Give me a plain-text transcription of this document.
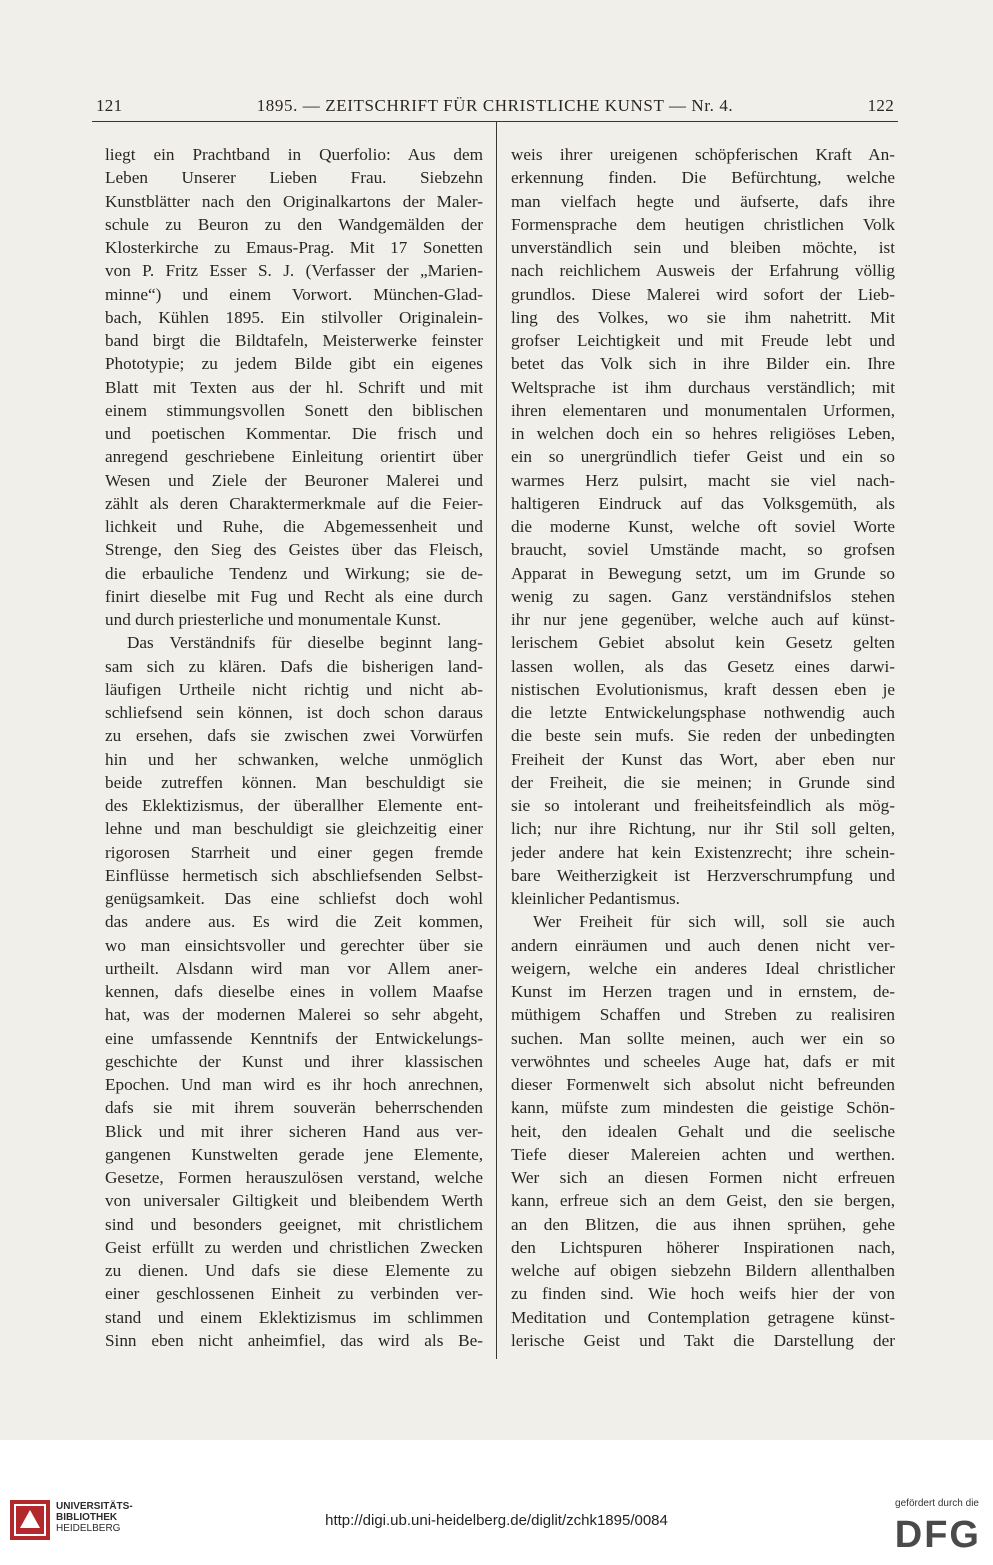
121	1895. — ZEITSCHRIFT FÜR CHRISTLICHE KUNST — Nr. 4.	122
liegt ein Prachtband in Querfolio: Aus dem
Leben Unserer Lieben Frau. Siebzehn
Kunstblätter nach den Originalkartons der Maler-
schule zu Beuron zu den Wandgemälden der
Klosterkirche zu Emaus-Prag. Mit 17 Sonetten
von P. Fritz Esser S. J. (Verfasser der „Marien-
minne“) und einem Vorwort. München-Glad-
bach, Kühlen 1895. Ein stilvoller Originalein-
band birgt die Bildtafeln, Meisterwerke feinster
Phototypie; zu jedem Bilde gibt ein eigenes
Blatt mit Texten aus der hl. Schrift und mit
einem stimmungsvollen Sonett den biblischen
und poetischen Kommentar. Die frisch und
anregend geschriebene Einleitung orientirt über
Wesen und Ziele der Beuroner Malerei und
zählt als deren Charaktermerkmale auf die Feier-
lichkeit und Ruhe, die Abgemessenheit und
Strenge, den Sieg des Geistes über das Fleisch,
die erbauliche Tendenz und Wirkung; sie de-
finirt dieselbe mit Fug und Recht als eine durch
und durch priesterliche und monumentale Kunst.
Das Verständnifs für dieselbe beginnt lang-
sam sich zu klären. Dafs die bisherigen land-
läufigen Urtheile nicht richtig und nicht ab-
schliefsend sein können, ist doch schon daraus
zu ersehen, dafs sie zwischen zwei Vorwürfen
hin und her schwanken, welche unmöglich
beide zutreffen können. Man beschuldigt sie
des Eklektizismus, der überallher Elemente ent-
lehne und man beschuldigt sie gleichzeitig einer
rigorosen Starrheit und einer gegen fremde
Einflüsse hermetisch sich abschliefsenden Selbst-
genügsamkeit. Das eine schliefst doch wohl
das andere aus. Es wird die Zeit kommen,
wo man einsichtsvoller und gerechter über sie
urtheilt. Alsdann wird man vor Allem aner-
kennen, dafs dieselbe eines in vollem Maafse
hat, was der modernen Malerei so sehr abgeht,
eine umfassende Kenntnifs der Entwickelungs-
geschichte der Kunst und ihrer klassischen
Epochen. Und man wird es ihr hoch anrechnen,
dafs sie mit ihrem souverän beherrschenden
Blick und mit ihrer sicheren Hand aus ver-
gangenen Kunstwelten gerade jene Elemente,
Gesetze, Formen herauszulösen verstand, welche
von universaler Giltigkeit und bleibendem Werth
sind und besonders geeignet, mit christlichem
Geist erfüllt zu werden und christlichen Zwecken
zu dienen. Und dafs sie diese Elemente zu
einer geschlossenen Einheit zu verbinden ver-
stand und einem Eklektizismus im schlimmen
Sinn eben nicht anheimfiel, das wird als Be-
weis ihrer ureigenen schöpferischen Kraft An-
erkennung finden. Die Befürchtung, welche
man vielfach hegte und äufserte, dafs ihre
Formensprache dem heutigen christlichen Volk
unverständlich sein und bleiben möchte, ist
nach reichlichem Ausweis der Erfahrung völlig
grundlos. Diese Malerei wird sofort der Lieb-
ling des Volkes, wo sie ihm nahetritt. Mit
grofser Leichtigkeit und mit Freude lebt und
betet das Volk sich in ihre Bilder ein. Ihre
Weltsprache ist ihm durchaus verständlich; mit
ihren elementaren und monumentalen Urformen,
in welchen doch ein so hehres religiöses Leben,
ein so unergründlich tiefer Geist und ein so
warmes Herz pulsirt, macht sie viel nach-
haltigeren Eindruck auf das Volksgemüth, als
die moderne Kunst, welche oft soviel Worte
braucht, soviel Umstände macht, so grofsen
Apparat in Bewegung setzt, um im Grunde so
wenig zu sagen. Ganz verständnifslos stehen
ihr nur jene gegenüber, welche auch auf künst-
lerischem Gebiet absolut kein Gesetz gelten
lassen wollen, als das Gesetz eines darwi-
nistischen Evolutionismus, kraft dessen eben je
die letzte Entwickelungsphase nothwendig auch
die beste sein mufs. Sie reden der unbedingten
Freiheit der Kunst das Wort, aber eben nur
der Freiheit, die sie meinen; in Grunde sind
sie so intolerant und freiheitsfeindlich als mög-
lich; nur ihre Richtung, nur ihr Stil soll gelten,
jeder andere hat kein Existenzrecht; ihre schein-
bare Weitherzigkeit ist Herzverschrumpfung und
kleinlicher Pedantismus.
Wer Freiheit für sich will, soll sie auch
andern einräumen und auch denen nicht ver-
weigern, welche ein anderes Ideal christlicher
Kunst im Herzen tragen und in ernstem, de-
müthigem Schaffen und Streben zu realisiren
suchen. Man sollte meinen, auch wer ein so
verwöhntes und scheeles Auge hat, dafs er mit
dieser Formenwelt sich absolut nicht befreunden
kann, müfste zum mindesten die geistige Schön-
heit, den idealen Gehalt und die seelische
Tiefe dieser Malereien achten und werthen.
Wer sich an diesen Formen nicht erfreuen
kann, erfreue sich an dem Geist, den sie bergen,
an den Blitzen, die aus ihnen sprühen, gehe
den Lichtspuren höherer Inspirationen nach,
welche auf obigen siebzehn Bildern allenthalben
zu finden sind. Wie hoch weifs hier der von
Meditation und Contemplation getragene künst-
lerische Geist und Takt die Darstellung der
UNIVERSITÄTS-
BIBLIOTHEK
HEIDELBERG	http://digi.ub.uni-heidelberg.de/diglit/zchk1895/0084
gefördert durch die
DFG
